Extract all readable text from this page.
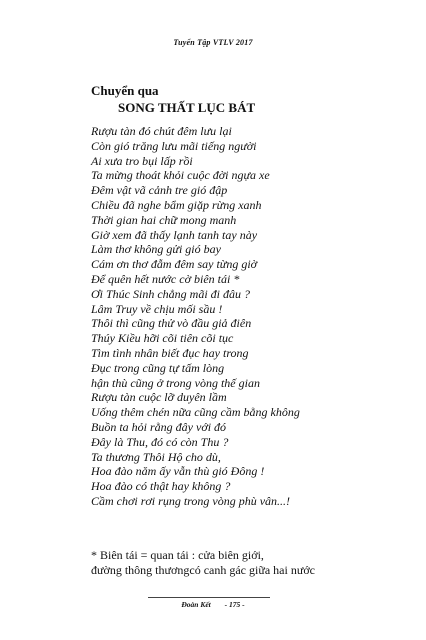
Tuyển Tập VTLV 2017
Chuyển qua
SONG THẤT LỤC BÁT
Rượu tàn đó chút đêm lưu lại
Còn gió trăng lưu mãi tiếng người
Ai xưa tro bụi lấp rồi
Ta mừng thoát khỏi cuộc đời ngựa xe
Đêm vật vã cảnh tre gió đập
Chiều đã nghe bẩm giặp rừng xanh
Thời gian hai chữ mong manh
Giờ xem đã thấy lạnh tanh tay này
Làm thơ không gửi gió bay
Cám ơn thơ đẫm đêm say từng giờ
Để quên hết nước cờ biên tái *
Ơi Thúc Sinh chẳng mãi đi đâu ?
Lâm Truy về chịu mối sầu !
Thôi thì cũng thử vò đầu giả điên
Thúy Kiều hỡi cõi tiên cõi tục
Tìm tình nhân biết đục hay trong
Đục trong cũng tự tấm lòng
hận thù cũng ở trong vòng thế gian
Rượu tàn cuộc lỡ duyên lầm
Uống thêm chén nữa cũng cầm bằng không
Buồn ta hỏi rằng đây với đó
Đây là Thu, đó có còn Thu ?
Ta thương Thôi Hộ cho dù,
Hoa đào năm ấy vẫn thù gió Đông !
Hoa đào có thật hay không ?
Cầm chơi rơi rụng trong vòng phù vân...!
* Biên tái = quan tái : cửa biên giới,
đường thông thươngcó canh gác giữa hai nước
Đoàn Kết - 175 -
